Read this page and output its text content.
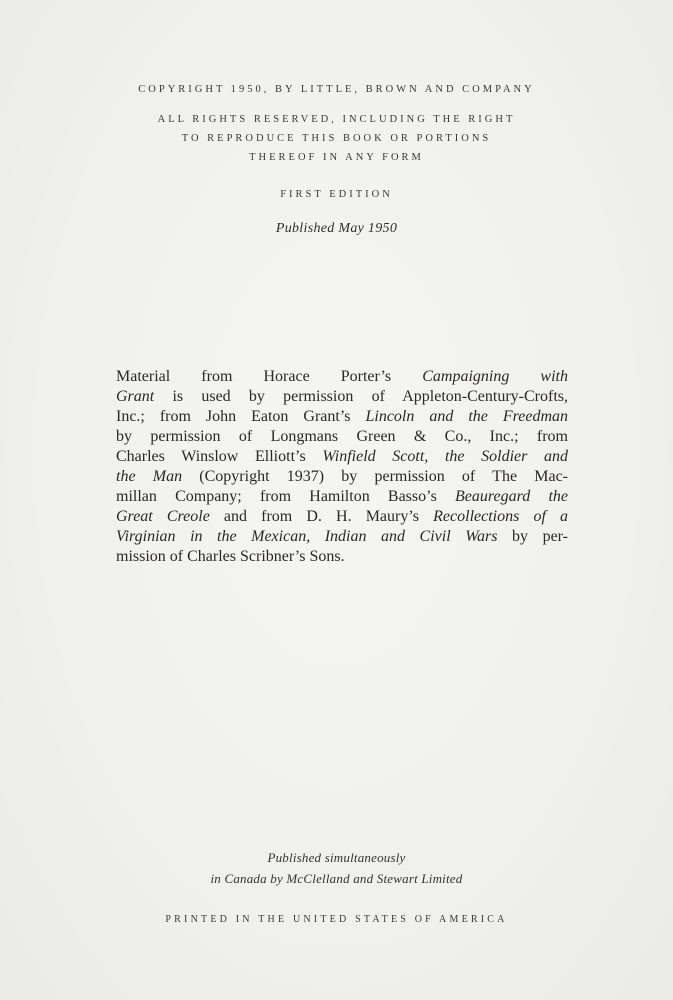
COPYRIGHT 1950, BY LITTLE, BROWN AND COMPANY
ALL RIGHTS RESERVED, INCLUDING THE RIGHT
TO REPRODUCE THIS BOOK OR PORTIONS
THEREOF IN ANY FORM
FIRST EDITION
Published May 1950
Material from Horace Porter’s Campaigning with
Grant is used by permission of Appleton-Century-Crofts,
Inc.; from John Eaton Grant’s Lincoln and the Freedman
by permission of Longmans Green & Co., Inc.; from
Charles Winslow Elliott’s Winfield Scott, the Soldier and
the Man (Copyright 1937) by permission of The Mac-
millan Company; from Hamilton Basso’s Beauregard the
Great Creole and from D. H. Maury’s Recollections of a
Virginian in the Mexican, Indian and Civil Wars by per-
mission of Charles Scribner’s Sons.
Published simultaneously
in Canada by McClelland and Stewart Limited
PRINTED IN THE UNITED STATES OF AMERICA
